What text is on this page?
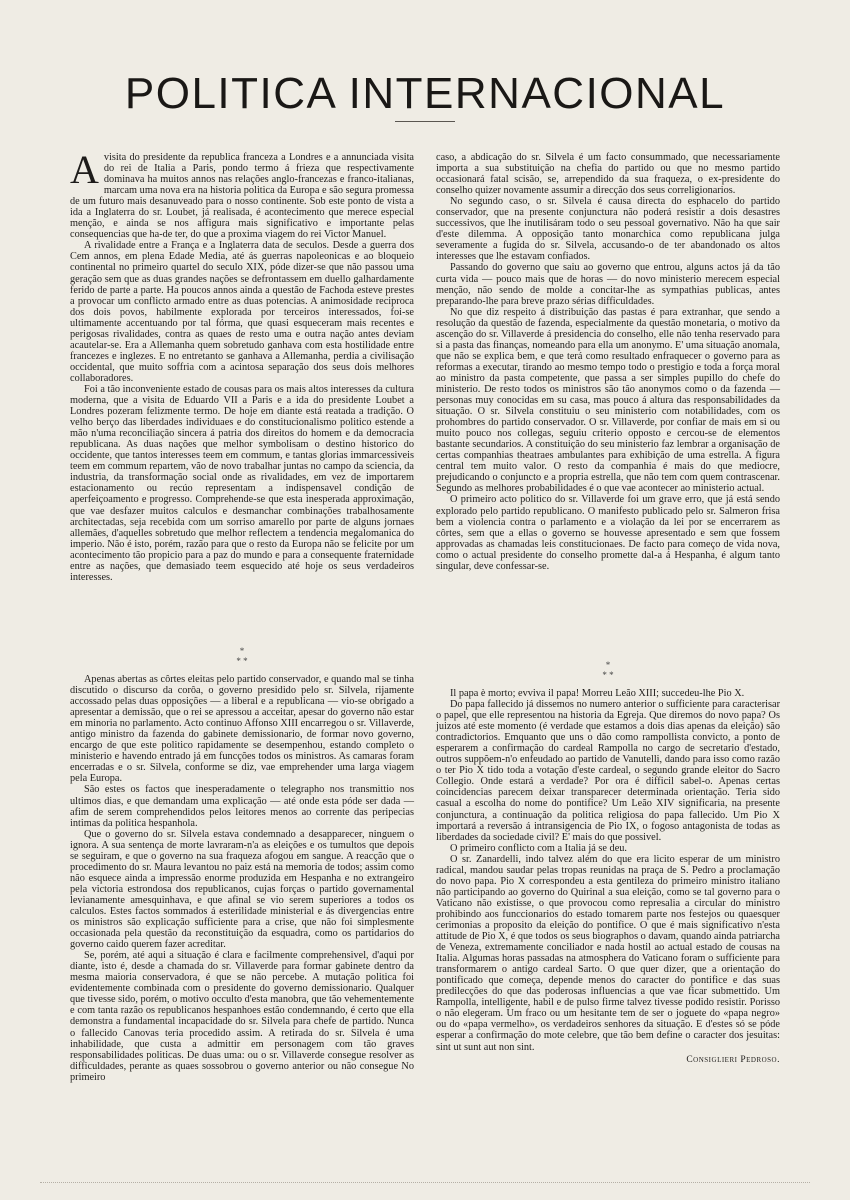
POLITICA INTERNACIONAL

Avisita do presidente da republica franceza a Londres e a annunciada visita do rei de Italia a Paris, pondo termo á frieza que respectivamente dominava ha muitos annos nas relações anglo-francezas e franco-italianas, marcam uma nova era na historia politica da Europa e são segura promessa de um futuro mais desanuveado para o nosso continente. Sob este ponto de vista a ida a Inglaterra do sr. Loubet, já realisada, é acontecimento que merece especial menção, e ainda se nos affigura mais significativo e importante pelas consequencias que ha-de ter, do que a proxima viagem do rei Victor Manuel.

A rivalidade entre a França e a Inglaterra data de seculos. Desde a guerra dos Cem annos, em plena Edade Media, até ás guerras napoleonicas e ao bloqueio continental no primeiro quartel do seculo XIX, póde dizer-se que não passou uma geração sem que as duas grandes nações se defrontassem em duello galhardamente ferido de parte a parte. Ha poucos annos ainda a questão de Fachoda esteve prestes a provocar um conflicto armado entre as duas potencias. A animosidade reciproca dos dois povos, habilmente explorada por terceiros interessados, foi-se ultimamente accentuando por tal fórma, que quasi esqueceram mais recentes e perigosas rivalidades, contra as quaes de resto uma e outra nação antes deviam acautelar-se. Era a Allemanha quem sobretudo ganhava com esta hostilidade entre francezes e inglezes. E no entretanto se ganhava a Allemanha, perdia a civilisação occidental, que muito soffria com a acintosa separação dos seus dois melhores collaboradores.

Foi a tão inconveniente estado de cousas para os mais altos interesses da cultura moderna, que a visita de Eduardo VII a Paris e a ida do presidente Loubet a Londres pozeram felizmente termo. De hoje em diante está reatada a tradição. O velho berço das liberdades individuaes e do constitucionalismo politico estende a mão n'uma reconciliação sincera á patria dos direitos do homem e da democracia republicana. As duas nações que melhor symbolisam o destino historico do occidente, que tantos interesses teem em commum, e tantas glorias immarcessiveis teem em commum repartem, vão de novo trabalhar juntas no campo da sciencia, da industria, da transformação social onde as rivalidades, em vez de importarem estacionamento ou recúo representam a indispensavel condição de aperfeiçoamento e progresso. Comprehende-se que esta inesperada approximação, que vae desfazer muitos calculos e desmanchar combinações trabalhosamente architectadas, seja recebida com um sorriso amarello por parte de alguns jornaes allemães, d'aquelles sobretudo que melhor reflectem a tendencia megalomanica do imperio. Não é isto, porém, razão para que o resto da Europa não se felicite por um acontecimento tão propicio para a paz do mundo e para a consequente fraternidade entre as nações, que demasiado teem esquecido até hoje os seus verdadeiros interesses.

caso, a abdicação do sr. Silvela é um facto consummado, que necessariamente importa a sua substituição na chefia do partido ou que no mesmo partido occasionará fatal scisão, se, arrependido da sua fraqueza, o ex-presidente do conselho quizer novamente assumir a direcção dos seus correligionarios.

No segundo caso, o sr. Silvela é causa directa do esphacelo do partido conservador, que na presente conjunctura não poderá resistir a dois desastres successivos, que lhe inutilisáram todo o seu pessoal governativo. Não ha que sair d'este dilemma. A opposição tanto monarchica como republicana julga severamente a fugida do sr. Silvela, accusando-o de ter abandonado os altos interesses que lhe estavam confiados.

Passando do governo que saiu ao governo que entrou, alguns actos já da tão curta vida — pouco mais que de horas — do novo ministerio merecem especial menção, não sendo de molde a concitar-lhe as sympathias publicas, antes preparando-lhe para breve prazo sérias difficuldades.

No que diz respeito á distribuição das pastas é para extranhar, que sendo a resolução da questão de fazenda, especialmente da questão monetaria, o motivo da ascenção do sr. Villaverde á presidencia do conselho, elle não tenha reservado para si a pasta das finanças, nomeando para ella um anonymo. E' uma situação anomala, que não se explica bem, e que terá como resultado enfraquecer o governo para as reformas a executar, tirando ao mesmo tempo todo o prestigio e toda a força moral ao ministro da pasta competente, que passa a ser simples pupillo do chefe do ministerio. De resto todos os ministros são tão anonymos como o da fazenda — personas muy conocidas em su casa, mas pouco á altura das responsabilidades da situação. O sr. Silvela constituiu o seu ministerio com notabilidades, com os prohombres do partido conservador. O sr. Villaverde, por confiar de mais em si ou muito pouco nos collegas, seguiu criterio opposto e cercou-se de elementos bastante secundarios. A constituição do seu ministerio faz lembrar a organisação de certas companhias theatraes ambulantes para exhibição de uma estrella. A figura central tem muito valor. O resto da companhia é mais do que mediocre, prejudicando o conjuncto e a propria estrella, que não tem com quem contrascenar. Segundo as melhores probabilidades é o que vae acontecer ao ministerio actual.

O primeiro acto politico do sr. Villaverde foi um grave erro, que já está sendo explorado pelo partido republicano. O manifesto publicado pelo sr. Salmeron frisa bem a violencia contra o parlamento e a violação da lei por se encerrarem as côrtes, sem que a ellas o governo se houvesse apresentado e sem que fossem approvadas as chamadas leis constitucionaes. De facto para começo de vida nova, como o actual presidente do conselho promette dal-a á Hespanha, é algum tanto singular, deve confessar-se.

*
* *	*
* *

Apenas abertas as côrtes eleitas pelo partido conservador, e quando mal se tinha discutido o discurso da corôa, o governo presidido pelo sr. Silvela, rijamente accossado pelas duas opposições — a liberal e a republicana — vio-se obrigado a apresentar a demissão, que o rei se apressou a acceitar, apesar do governo não estar em minoria no parlamento. Acto continuo Affonso XIII encarregou o sr. Villaverde, antigo ministro da fazenda do gabinete demissionario, de formar novo governo, encargo de que este politico rapidamente se desempenhou, estando completo o ministerio e havendo entrado já em funcções todos os ministros. As camaras foram encerradas e o sr. Silvela, conforme se diz, vae emprehender uma larga viagem pela Europa.

São estes os factos que inesperadamente o telegrapho nos transmittio nos ultimos dias, e que demandam uma explicação — até onde esta póde ser dada — afim de serem comprehendidos pelos leitores menos ao corrente das peripecias intimas da politica hespanhola.

Que o governo do sr. Silvela estava condemnado a desapparecer, ninguem o ignora. A sua sentença de morte lavraram-n'a as eleições e os tumultos que depois se seguiram, e que o governo na sua fraqueza afogou em sangue. A reacção que o procedimento do sr. Maura levantou no paiz está na memoria de todos; assim como não esquece ainda a impressão enorme produzida em Hespanha e no extrangeiro pela victoria estrondosa dos republicanos, cujas forças o partido governamental levianamente amesquinhava, e que afinal se vio serem superiores a todos os calculos. Estes factos sommados á esterilidade ministerial e ás divergencias entre os ministros são explicação sufficiente para a crise, que não foi simplesmente occasionada pela questão da reconstituição da esquadra, como os partidarios do governo caido querem fazer acreditar.

Se, porém, até aqui a situação é clara e facilmente comprehensivel, d'aqui por diante, isto é, desde a chamada do sr. Villaverde para formar gabinete dentro da mesma maioria conservadora, é que se não percebe. A mutação politica foi evidentemente combinada com o presidente do governo demissionario. Qualquer que tivesse sido, porém, o motivo occulto d'esta manobra, que tão vehementemente e com tanta razão os republicanos hespanhoes estão condemnando, é certo que ella demonstra a fundamental incapacidade do sr. Silvela para chefe de partido. Nunca o fallecido Canovas teria procedido assim. A retirada do sr. Silvela é uma inhabilidade, que custa a admittir em personagem com tão graves responsabilidades politicas. De duas uma: ou o sr. Villaverde consegue resolver as difficuldades, perante as quaes sossobrou o governo anterior ou não consegue No primeiro

Il papa è morto; evviva il papa! Morreu Leão XIII; succedeu-lhe Pio X.

Do papa fallecido já dissemos no numero anterior o sufficiente para caracterisar o papel, que elle representou na historia da Egreja. Que diremos do novo papa? Os juizos até este momento (é verdade que estamos a dois dias apenas da eleição) são contradictorios. Emquanto que uns o dão como rampollista convicto, a ponto de esperarem a confirmação do cardeal Rampolla no cargo de secretario d'estado, outros suppõem-n'o enfeudado ao partido de Vanutelli, dando para isso como razão o ter Pio X tido toda a votação d'este cardeal, o segundo grande eleitor do Sacro Collegio. Onde estará a verdade? Por ora é difficil sabel-o. Apenas certas coincidencias parecem deixar transparecer determinada orientação. Teria sido casual a escolha do nome do pontifice? Um Leão XIV significaria, na presente conjunctura, a continuação da politica religiosa do papa fallecido. Um Pio X importará a reversão á intransigencia de Pio IX, o fogoso antagonista de todas as liberdades da sociedade civil? E' mais do que possivel.

O primeiro conflicto com a Italia já se deu.

O sr. Zanardelli, indo talvez além do que era licito esperar de um ministro radical, mandou saudar pelas tropas reunidas na praça de S. Pedro a proclamação do novo papa. Pio X correspondeu a esta gentileza do primeiro ministro italiano não participando ao governo do Quirinal a sua eleição, como se tal governo para o Vaticano não existisse, o que provocou como represalia a circular do ministro prohibindo aos funccionarios do estado tomarem parte nos festejos ou quaesquer cerimonias a proposito da eleição do pontifice. O que é mais significativo n'esta attitude de Pio X, é que todos os seus biographos o davam, quando ainda patriarcha de Veneza, extremamente conciliador e nada hostil ao actual estado de cousas na Italia. Algumas horas passadas na atmosphera do Vaticano foram o sufficiente para transformarem o antigo cardeal Sarto. O que quer dizer, que a orientação do pontificado que começa, depende menos do caracter do pontifice e das suas predilecções do que das poderosas influencias a que vae ficar submettido. Um Rampolla, intelligente, habil e de pulso firme talvez tivesse podido resistir. Porisso o não elegeram. Um fraco ou um hesitante tem de ser o joguete do «papa negro» ou do «papa vermelho», os verdadeiros senhores da situação. E d'estes só se póde esperar a confirmação do mote celebre, que tão bem define o caracter dos jesuitas: sint ut sunt aut non sint.

Consiglieri Pedroso.
